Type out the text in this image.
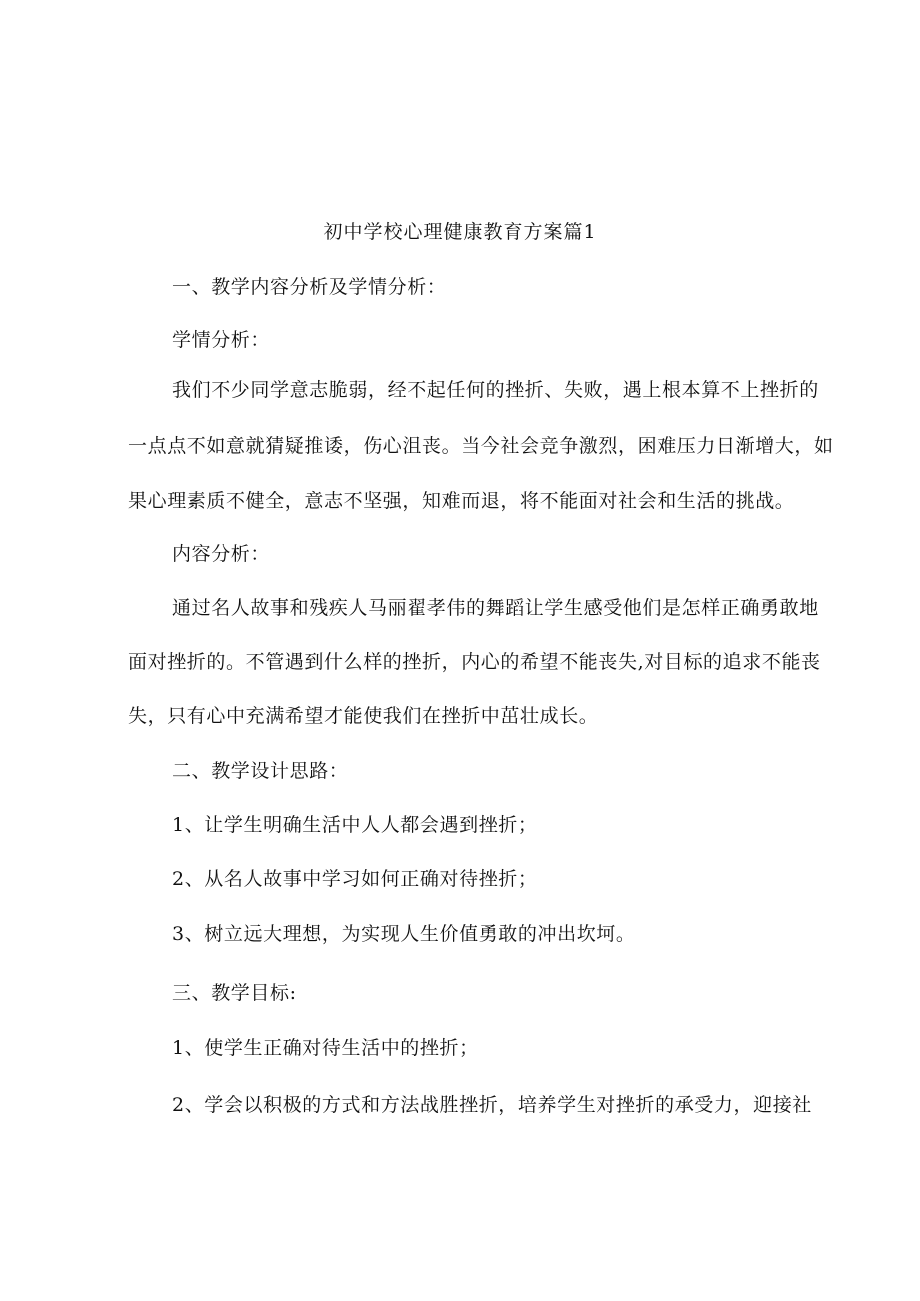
初中学校心理健康教育方案篇1
一、教学内容分析及学情分析：
学情分析：
我们不少同学意志脆弱，经不起任何的挫折、失败，遇上根本算不上挫折的
一点点不如意就猜疑推诿，伤心沮丧。当今社会竞争激烈，困难压力日渐增大，如
果心理素质不健全，意志不坚强，知难而退，将不能面对社会和生活的挑战。
内容分析：
通过名人故事和残疾人马丽翟孝伟的舞蹈让学生感受他们是怎样正确勇敢地
面对挫折的。不管遇到什么样的挫折，内心的希望不能丧失,对目标的追求不能丧
失，只有心中充满希望才能使我们在挫折中茁壮成长。
二、教学设计思路：
1、让学生明确生活中人人都会遇到挫折；
2、从名人故事中学习如何正确对待挫折；
3、树立远大理想，为实现人生价值勇敢的冲出坎坷。
三、教学目标:
1、使学生正确对待生活中的挫折；
2、学会以积极的方式和方法战胜挫折，培养学生对挫折的承受力，迎接社
